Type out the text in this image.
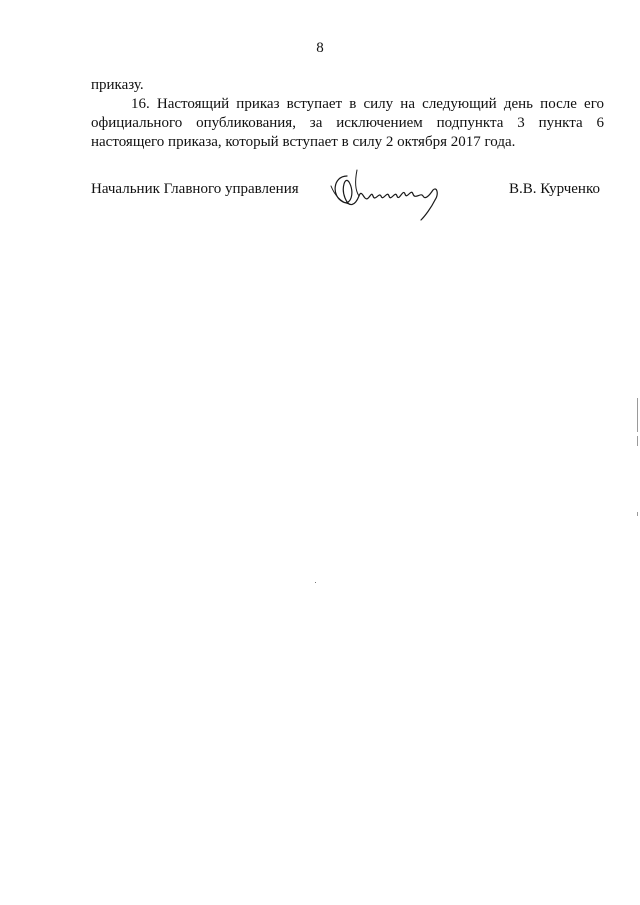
8
приказу.
16. Настоящий приказ вступает в силу на следующий день после его
официального опубликования, за исключением подпункта 3 пункта 6
настоящего приказа, который вступает в силу 2 октября 2017 года.
Начальник Главного управления	В.В. Курченко
